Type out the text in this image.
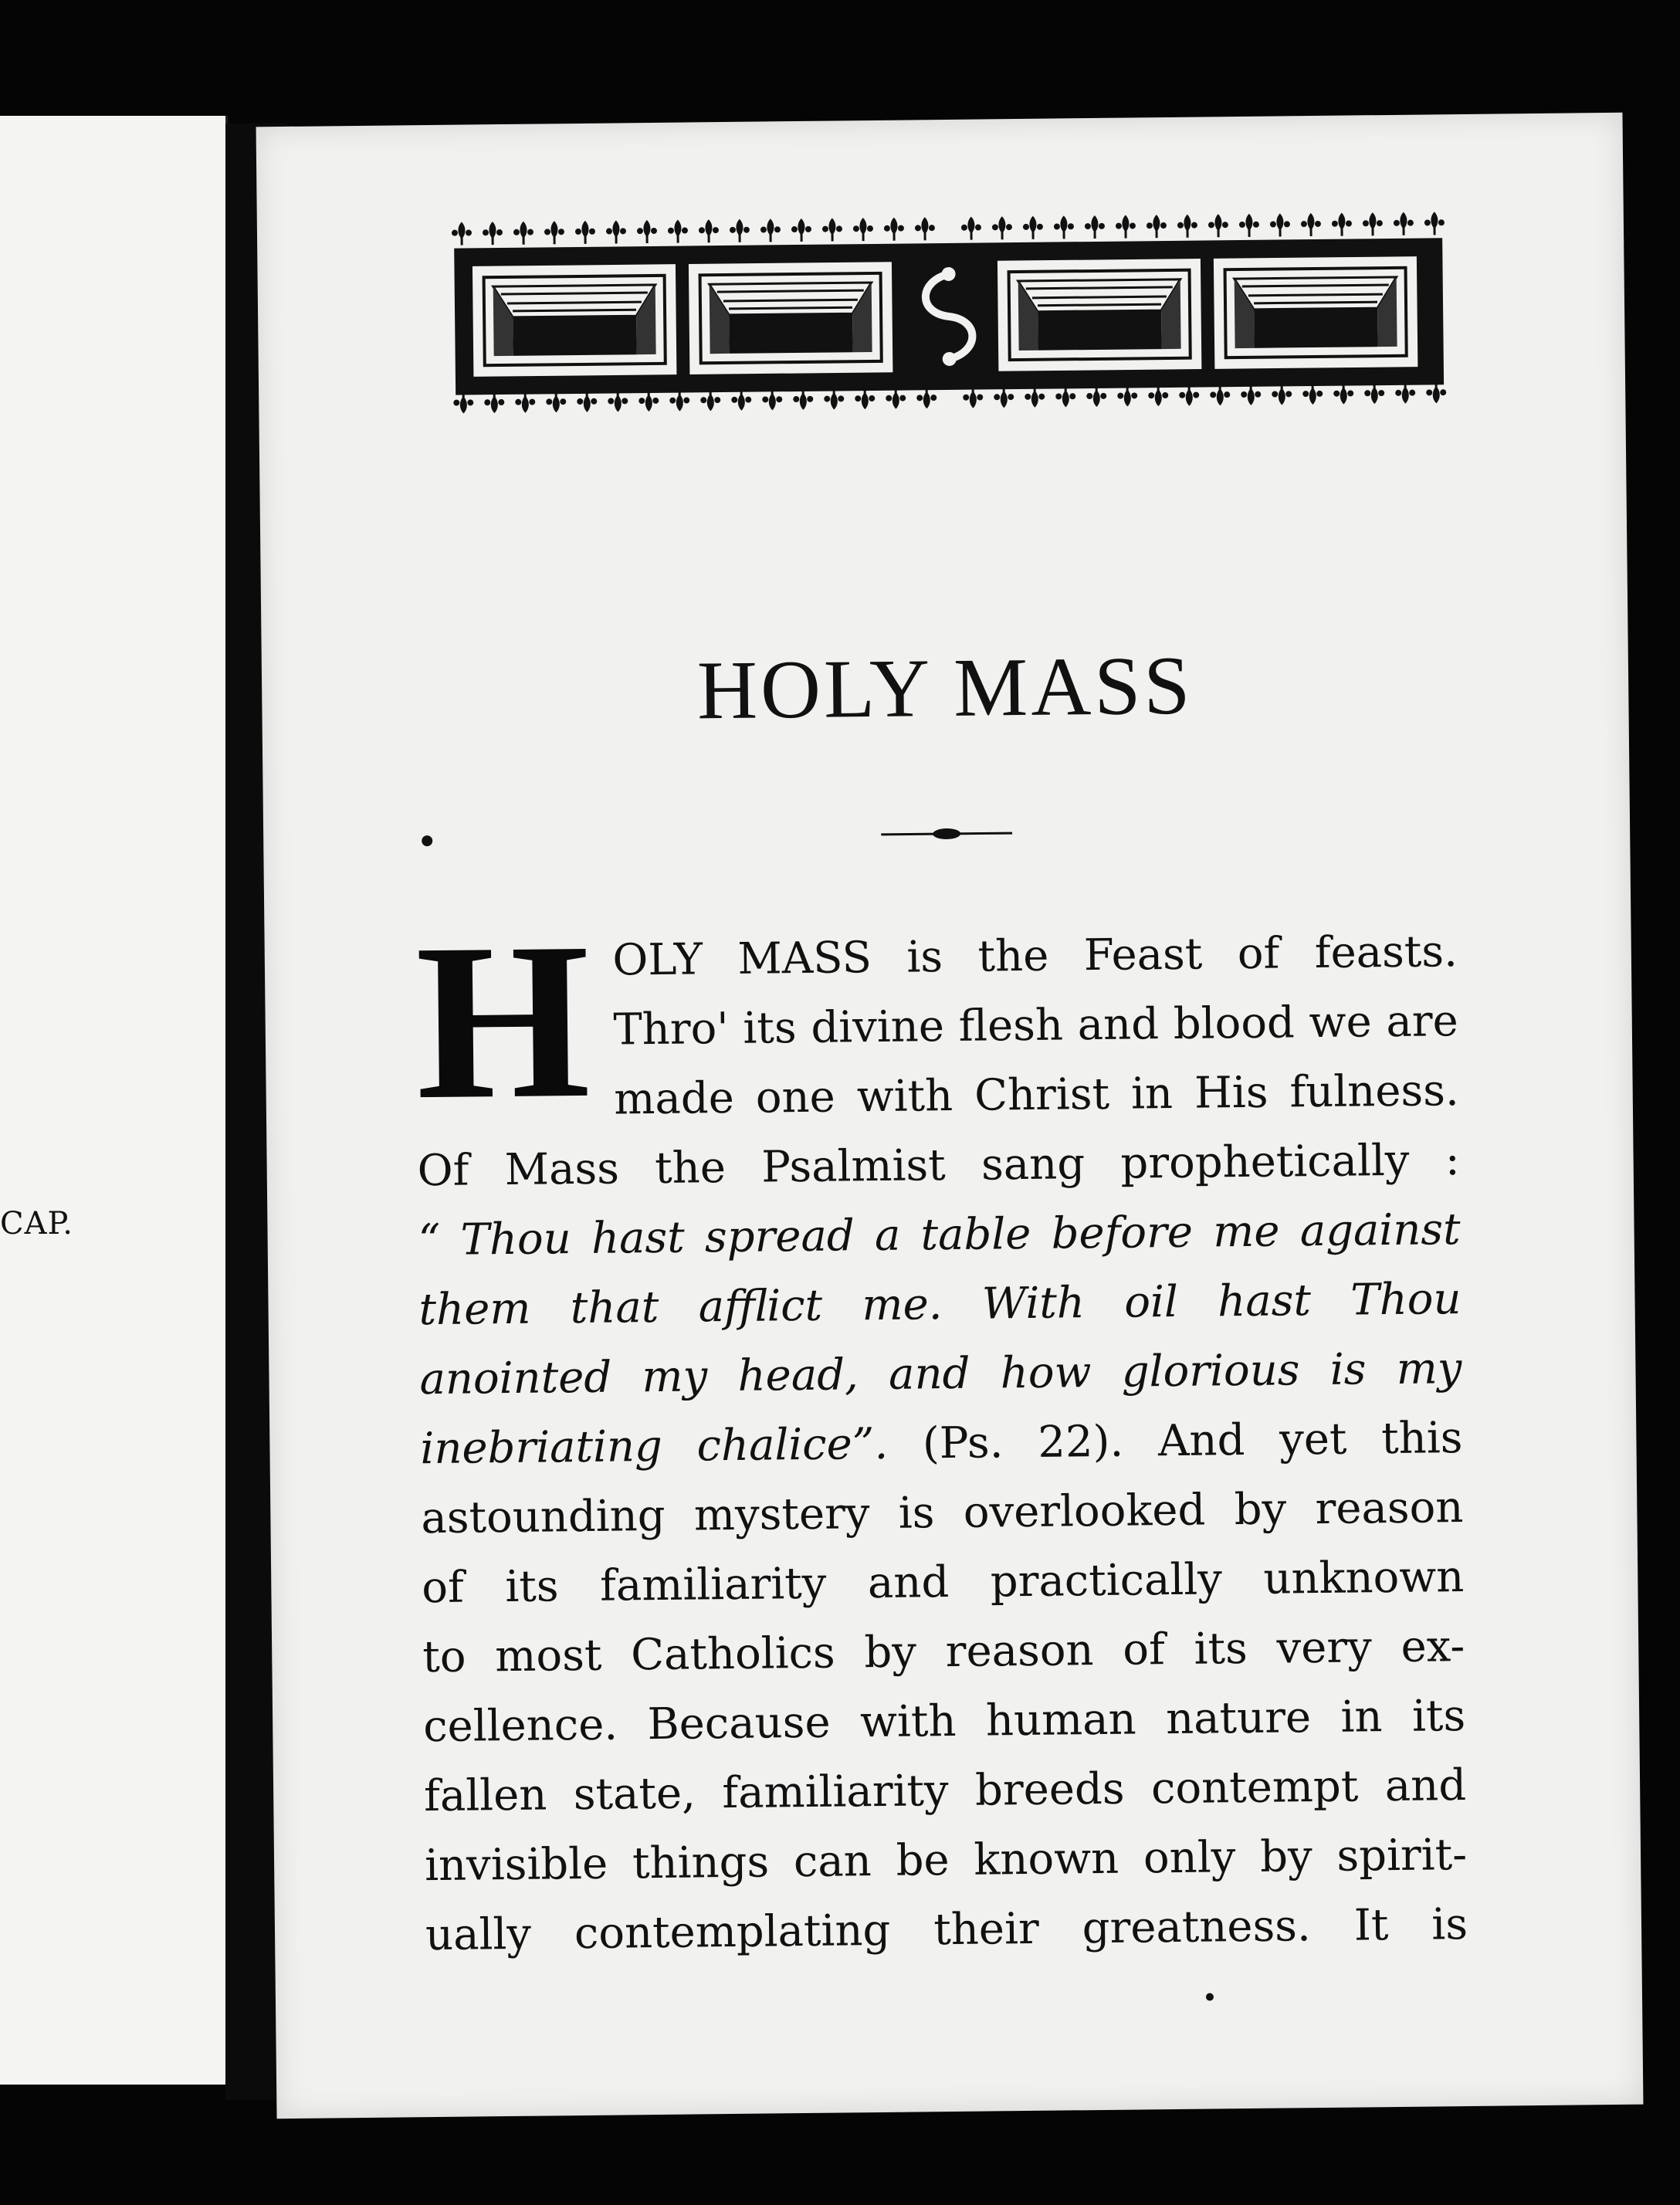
CAP.
HOLY MASS
H OLY MASS is the Feast of feasts.
Thro' its divine flesh and blood we are
made one with Christ in His fulness.
Of Mass the Psalmist sang prophetically :
“ Thou hast spread a table before me against
them that afflict me. With oil hast Thou
anointed my head, and how glorious is my
inebriating chalice”. (Ps. 22). And yet this
astounding mystery is overlooked by reason
of its familiarity and practically unknown
to most Catholics by reason of its very ex-
cellence. Because with human nature in its
fallen state, familiarity breeds contempt and
invisible things can be known only by spirit-
ually contemplating their greatness. It is
